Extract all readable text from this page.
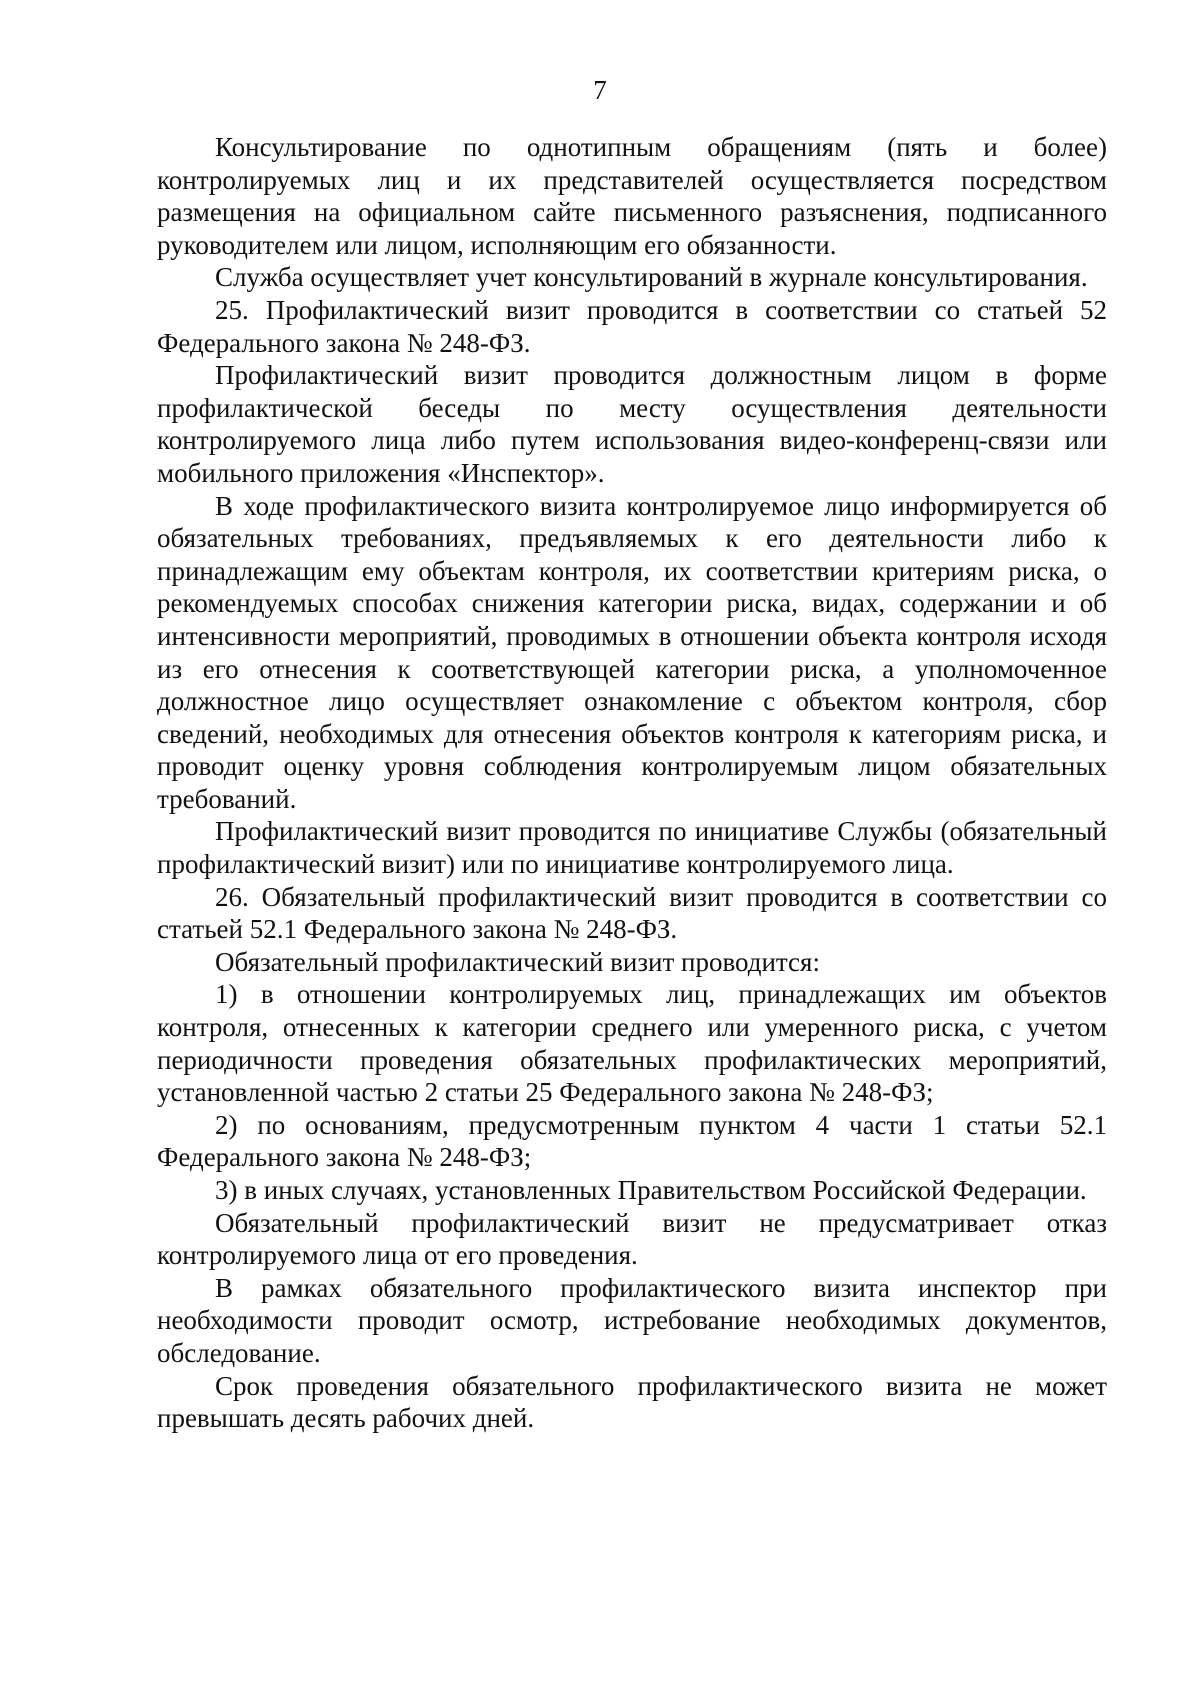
7

Консультирование по однотипным обращениям (пять и более) контролируемых лиц и их представителей осуществляется посредством размещения на официальном сайте письменного разъяснения, подписанного руководителем или лицом, исполняющим его обязанности.

Служба осуществляет учет консультирований в журнале консультирования.

25. Профилактический визит проводится в соответствии со статьей 52 Федерального закона № 248-ФЗ.

Профилактический визит проводится должностным лицом в форме профилактической беседы по месту осуществления деятельности контролируемого лица либо путем использования видео-конференц-связи или мобильного приложения «Инспектор».

В ходе профилактического визита контролируемое лицо информируется об обязательных требованиях, предъявляемых к его деятельности либо к принадлежащим ему объектам контроля, их соответствии критериям риска, о рекомендуемых способах снижения категории риска, видах, содержании и об интенсивности мероприятий, проводимых в отношении объекта контроля исходя из его отнесения к соответствующей категории риска, а уполномоченное должностное лицо осуществляет ознакомление с объектом контроля, сбор сведений, необходимых для отнесения объектов контроля к категориям риска, и проводит оценку уровня соблюдения контролируемым лицом обязательных требований.

Профилактический визит проводится по инициативе Службы (обязательный профилактический визит) или по инициативе контролируемого лица.

26. Обязательный профилактический визит проводится в соответствии со статьей 52.1 Федерального закона № 248-ФЗ.

Обязательный профилактический визит проводится:

1) в отношении контролируемых лиц, принадлежащих им объектов контроля, отнесенных к категории среднего или умеренного риска, с учетом периодичности проведения обязательных профилактических мероприятий, установленной частью 2 статьи 25 Федерального закона № 248-ФЗ;

2) по основаниям, предусмотренным пунктом 4 части 1 статьи 52.1 Федерального закона № 248-ФЗ;

3) в иных случаях, установленных Правительством Российской Федерации.

Обязательный профилактический визит не предусматривает отказ контролируемого лица от его проведения.

В рамках обязательного профилактического визита инспектор при необходимости проводит осмотр, истребование необходимых документов, обследование.

Срок проведения обязательного профилактического визита не может превышать десять рабочих дней.
